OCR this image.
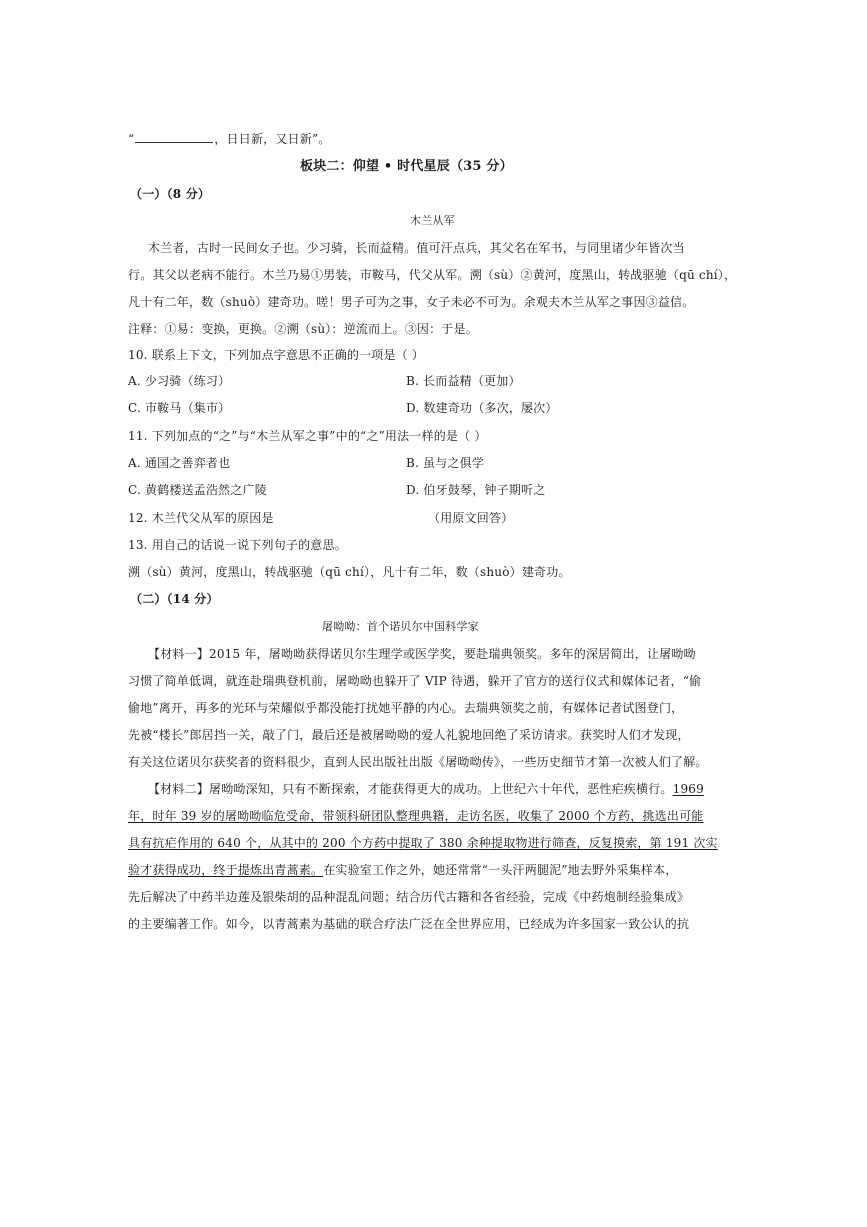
“	，日日新，又日新”。
板块二：仰望 • 时代星辰（35 分）
（一）（8 分）
木兰从军
木兰者，古时一民间女子也。少习骑，长而益精。值可汗点兵，其父名在军书，与同里诸少年皆次当
行。其父以老病不能行。木兰乃易①男装，市鞍马，代父从军。溯（sù）②黄河，度黑山，转战驱驰（qū chí），
凡十有二年，数（shuò）建奇功。嗟！男子可为之事，女子未必不可为。余观夫木兰从军之事因③益信。
注释：①易：变换，更换。②溯（sù）：逆流而上。③因：于是。
10. 联系上下文，下列加点字意思不正确的一项是（ ）
A. 少习骑（练习）	B. 长而益精（更加）
C. 市鞍马（集市）	D. 数建奇功（多次，屡次）
11. 下列加点的“之”与“木兰从军之事”中的“之”用法一样的是（ ）
A. 通国之善弈者也	B. 虽与之俱学
C. 黄鹤楼送孟浩然之广陵	D. 伯牙鼓琴，钟子期听之
12. 木兰代父从军的原因是	（用原文回答）
13. 用自己的话说一说下列句子的意思。
溯（sù）黄河，度黑山，转战驱驰（qū chí），凡十有二年，数（shuò）建奇功。
（二）（14 分）
屠呦呦：首个诺贝尔中国科学家
【材料一】2015 年，屠呦呦获得诺贝尔生理学或医学奖，要赴瑞典领奖。多年的深居简出，让屠呦呦
习惯了简单低调，就连赴瑞典登机前，屠呦呦也躲开了 VIP 待遇，躲开了官方的送行仪式和媒体记者，“偷
偷地”离开，再多的光环与荣耀似乎都没能打扰她平静的内心。去瑞典领奖之前，有媒体记者试图登门，
先被“楼长”郎居挡一关，敲了门，最后还是被屠呦呦的爱人礼貌地回绝了采访请求。获奖时人们才发现，
有关这位诺贝尔获奖者的资料很少，直到人民出版社出版《屠呦呦传》，一些历史细节才第一次被人们了解。
【材料二】屠呦呦深知，只有不断探索，才能获得更大的成功。上世纪六十年代，恶性疟疾横行。1969
年，时年 39 岁的屠呦呦临危受命，带领科研团队整理典籍，走访名医，收集了 2000 个方药，挑选出可能
具有抗疟作用的 640 个，从其中的 200 个方药中提取了 380 余种提取物进行筛查，反复摸索，第 191 次实
验才获得成功，终于提炼出青蒿素。在实验室工作之外，她还常常“一头汗两腿泥”地去野外采集样本，
先后解决了中药半边莲及银柴胡的品种混乱问题；结合历代古籍和各省经验，完成《中药炮制经验集成》
的主要编著工作。如今，以青蒿素为基础的联合疗法广泛在全世界应用，已经成为许多国家一致公认的抗
